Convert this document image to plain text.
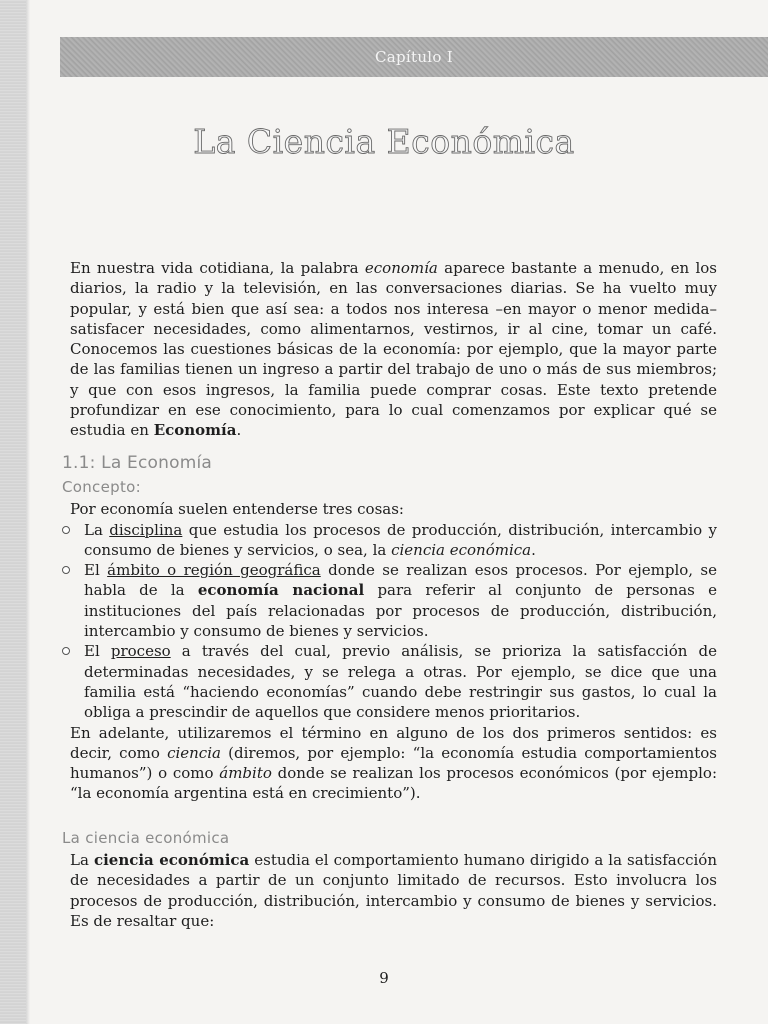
Capítulo I
La Ciencia Económica

En nuestra vida cotidiana, la palabra economía aparece bastante a menudo, en los diarios, la radio y la televisión, en las conversaciones diarias. Se ha vuelto muy popular, y está bien que así sea: a todos nos interesa –en mayor o menor medida– satisfacer necesidades, como alimentarnos, vestirnos, ir al cine, tomar un café. Conocemos las cuestiones básicas de la economía: por ejemplo, que la mayor parte de las familias tienen un ingreso a partir del trabajo de uno o más de sus miembros; y que con esos ingresos, la familia puede comprar cosas. Este texto pretende profundizar en ese conocimiento, para lo cual comenzamos por explicar qué se estudia en Economía.

1.1: La Economía
Concepto:

Por economía suelen entenderse tres cosas:

La disciplina que estudia los procesos de producción, distribución, intercambio y consumo de bienes y servicios, o sea, la ciencia económica.
El ámbito o región geográfica donde se realizan esos procesos. Por ejemplo, se habla de la economía nacional para referir al conjunto de personas e instituciones del país relacionadas por procesos de producción, distribución, intercambio y consumo de bienes y servicios.
El proceso a través del cual, previo análisis, se prioriza la satisfacción de determinadas necesidades, y se relega a otras. Por ejemplo, se dice que una familia está “haciendo economías” cuando debe restringir sus gastos, lo cual la obliga a prescindir de aquellos que considere menos prioritarios.

En adelante, utilizaremos el término en alguno de los dos primeros sentidos: es decir, como ciencia (diremos, por ejemplo: “la economía estudia comportamientos humanos”) o como ámbito donde se realizan los procesos económicos (por ejemplo: “la economía argentina está en crecimiento”).

La ciencia económica

La ciencia económica estudia el comportamiento humano dirigido a la satisfacción de necesidades a partir de un conjunto limitado de recursos. Esto involucra los procesos de producción, distribución, intercambio y consumo de bienes y servicios. Es de resaltar que:

9
